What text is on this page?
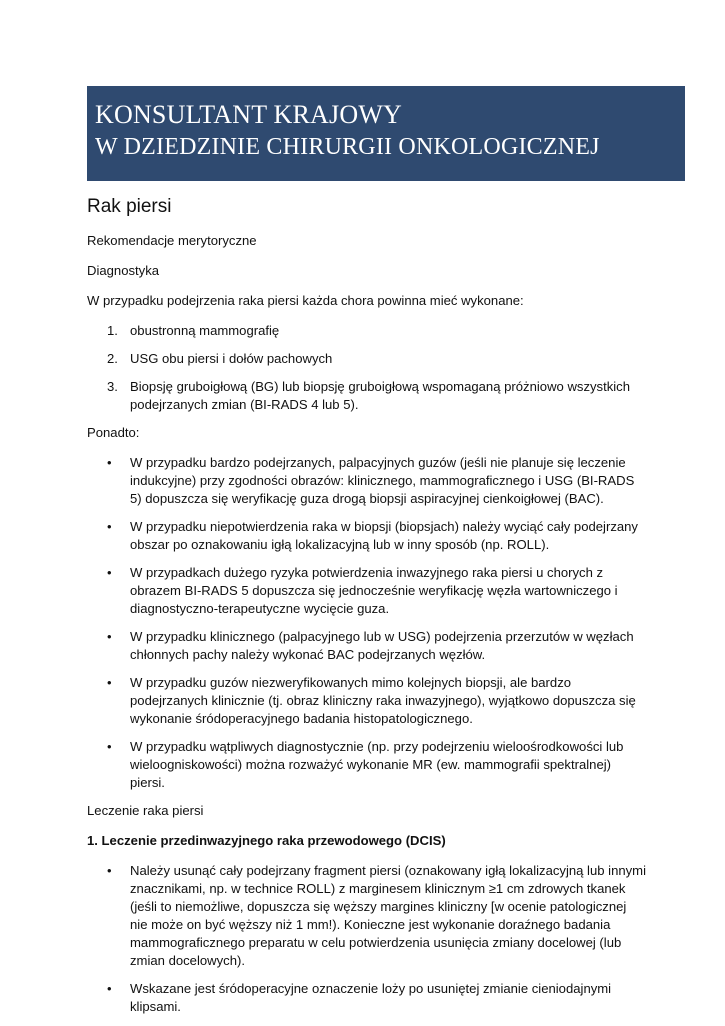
KONSULTANT KRAJOWY
W DZIEDZINIE CHIRURGII ONKOLOGICZNEJ
Rak piersi
Rekomendacje merytoryczne
Diagnostyka
W przypadku podejrzenia raka piersi każda chora powinna mieć wykonane:
1. obustronną mammografię
2. USG obu piersi i dołów pachowych
3. Biopsję gruboigłową (BG) lub biopsję gruboigłową wspomaganą próżniowo wszystkich podejrzanych zmian (BI-RADS 4 lub 5).
Ponadto:
• W przypadku bardzo podejrzanych, palpacyjnych guzów (jeśli nie planuje się leczenie indukcyjne) przy zgodności obrazów: klinicznego, mammograficznego i USG (BI-RADS 5) dopuszcza się weryfikację guza drogą biopsji aspiracyjnej cienkoigłowej (BAC).
• W przypadku niepotwierdzenia raka w biopsji (biopsjach) należy wyciąć cały podejrzany obszar po oznakowaniu igłą lokalizacyjną lub w inny sposób (np. ROLL).
• W przypadkach dużego ryzyka potwierdzenia inwazyjnego raka piersi u chorych z obrazem BI-RADS 5 dopuszcza się jednocześnie weryfikację węzła wartowniczego i diagnostyczno-terapeutyczne wycięcie guza.
• W przypadku klinicznego (palpacyjnego lub w USG) podejrzenia przerzutów w węzłach chłonnych pachy należy wykonać BAC podejrzanych węzłów.
• W przypadku guzów niezweryfikowanych mimo kolejnych biopsji, ale bardzo podejrzanych klinicznie (tj. obraz kliniczny raka inwazyjnego), wyjątkowo dopuszcza się wykonanie śródoperacyjnego badania histopatologicznego.
• W przypadku wątpliwych diagnostycznie (np. przy podejrzeniu wieloośrodkowości lub wieloogniskowości) można rozważyć wykonanie MR (ew. mammografii spektralnej) piersi.
Leczenie raka piersi
1. Leczenie przedinwazyjnego raka przewodowego (DCIS)
• Należy usunąć cały podejrzany fragment piersi (oznakowany igłą lokalizacyjną lub innymi znacznikami, np. w technice ROLL) z marginesem klinicznym ≥1 cm zdrowych tkanek (jeśli to niemożliwe, dopuszcza się węższy margines kliniczny [w ocenie patologicznej nie może on być węższy niż 1 mm!). Konieczne jest wykonanie doraźnego badania mammograficznego preparatu w celu potwierdzenia usunięcia zmiany docelowej (lub zmian docelowych).
• Wskazane jest śródoperacyjne oznaczenie loży po usuniętej zmianie cieniodajnymi klipsami.
